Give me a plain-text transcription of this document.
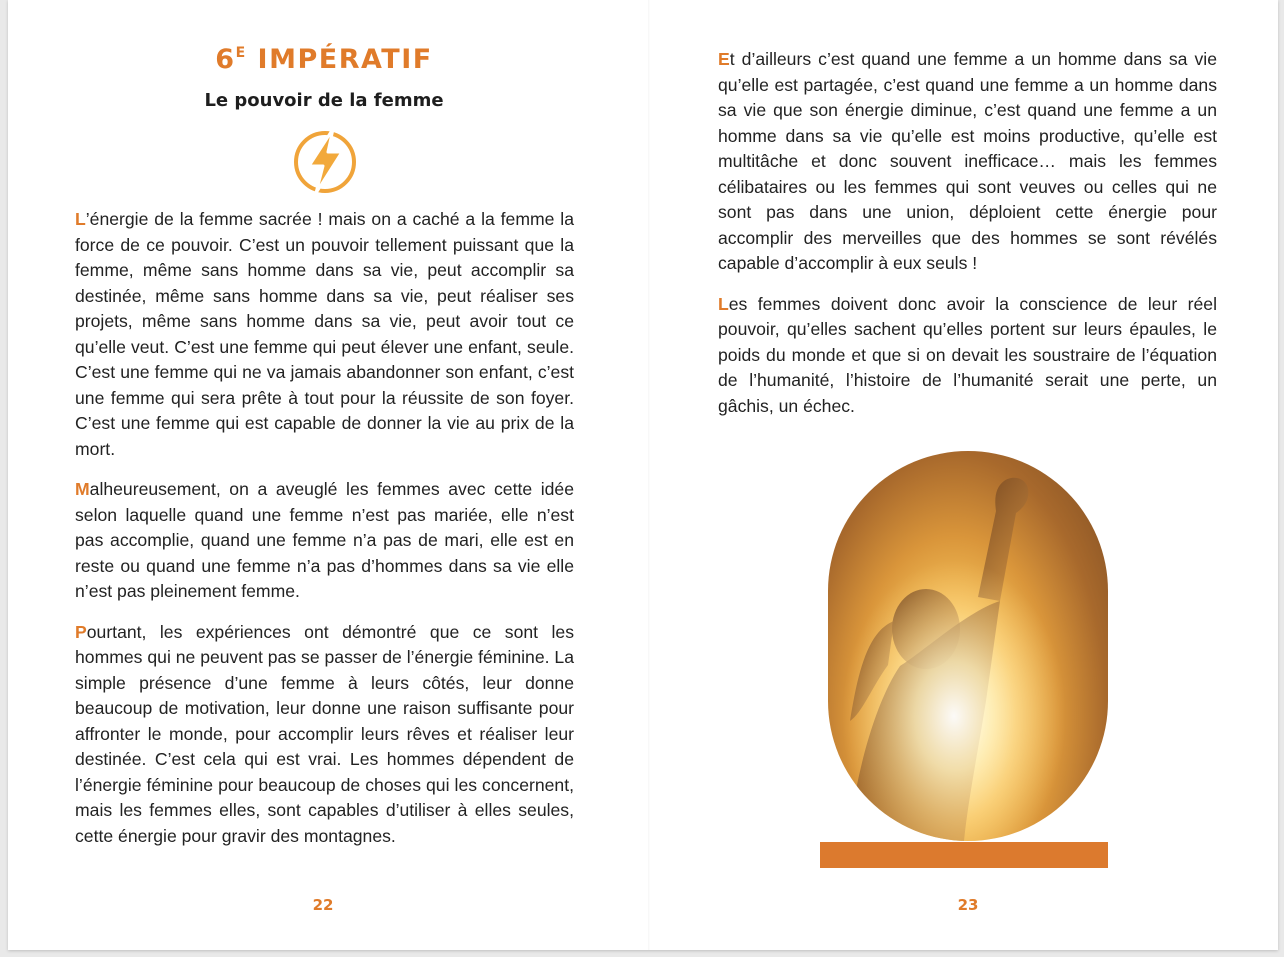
$6^E$ IMPÉRATIF
Le pouvoir de la femme

L’énergie de la femme sacrée ! mais on a caché a la femme la force de ce pouvoir. C’est un pouvoir tellement puissant que la femme, même sans homme dans sa vie, peut accomplir sa destinée, même sans homme dans sa vie, peut réaliser ses projets, même sans homme dans sa vie, peut avoir tout ce qu’elle veut. C’est une femme qui peut élever une enfant, seule. C’est une femme qui ne va jamais abandonner son enfant, c’est une femme qui sera prête à tout pour la réussite de son foyer. C’est une femme qui est capable de donner la vie au prix de la mort.

Malheureusement, on a aveuglé les femmes avec cette idée selon laquelle quand une femme n’est pas mariée, elle n’est pas accomplie, quand une femme n’a pas de mari, elle est en reste ou quand une femme n’a pas d’hommes dans sa vie elle n’est pas pleinement femme.

Pourtant, les expériences ont démontré que ce sont les hommes qui ne peuvent pas se passer de l’énergie féminine. La simple présence d’une femme à leurs côtés, leur donne beaucoup de motivation, leur donne une raison suffisante pour affronter le monde, pour accomplir leurs rêves et réaliser leur destinée. C’est cela qui est vrai. Les hommes dépendent de l’énergie féminine pour beaucoup de choses qui les concernent, mais les femmes elles, sont capables d’utiliser à elles seules, cette énergie pour gravir des montagnes.

22

Et d’ailleurs c’est quand une femme a un homme dans sa vie qu’elle est partagée, c’est quand une femme a un homme dans sa vie que son énergie diminue, c’est quand une femme a un homme dans sa vie qu’elle est moins productive, qu’elle est multitâche et donc souvent inefficace… mais les femmes célibataires ou les femmes qui sont veuves ou celles qui ne sont pas dans une union, déploient cette énergie pour accomplir des merveilles que des hommes se sont révélés capable d’accomplir à eux seuls !

Les femmes doivent donc avoir la conscience de leur réel pouvoir, qu’elles sachent qu’elles portent sur leurs épaules, le poids du monde et que si on devait les soustraire de l’équation de l’humanité, l’histoire de l’humanité serait une perte, un gâchis, un échec.

23
